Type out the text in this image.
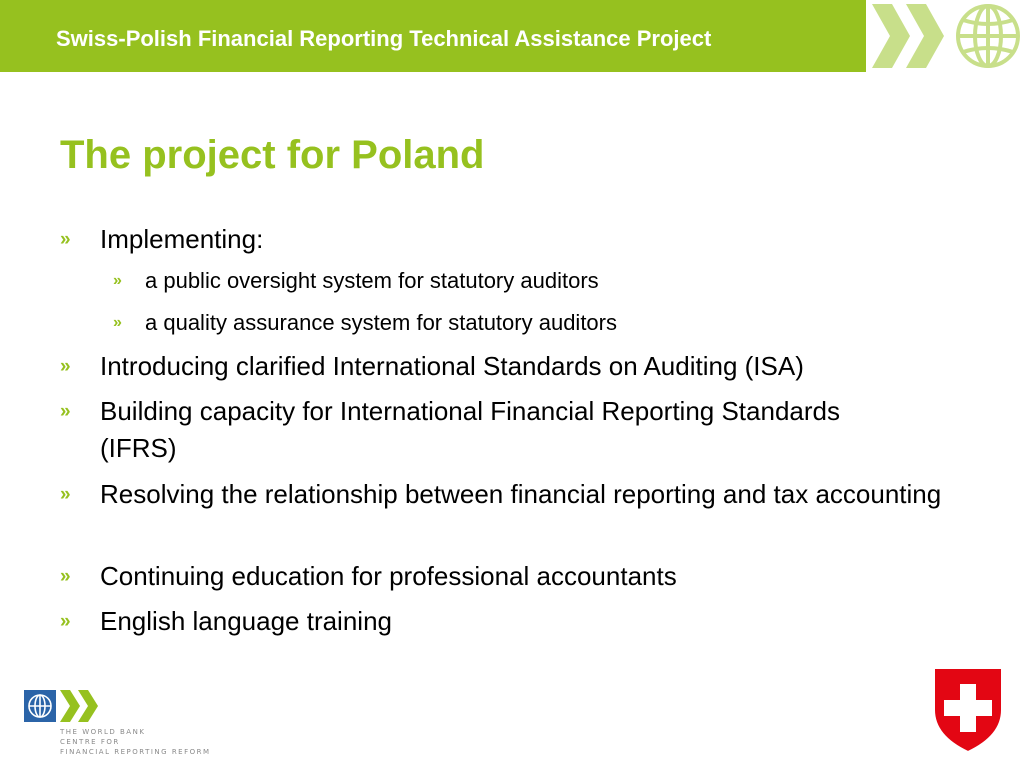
Swiss-Polish Financial Reporting Technical Assistance Project
The project for Poland
» Implementing:
» a public oversight system for statutory auditors
» a quality assurance system for statutory auditors
» Introducing clarified International Standards on Auditing (ISA)
» Building capacity for International Financial Reporting Standards (IFRS)
» Resolving the relationship between financial reporting and tax accounting
» Continuing education for professional accountants
» English language training
THE WORLD BANK
CENTRE FOR
FINANCIAL REPORTING REFORM
